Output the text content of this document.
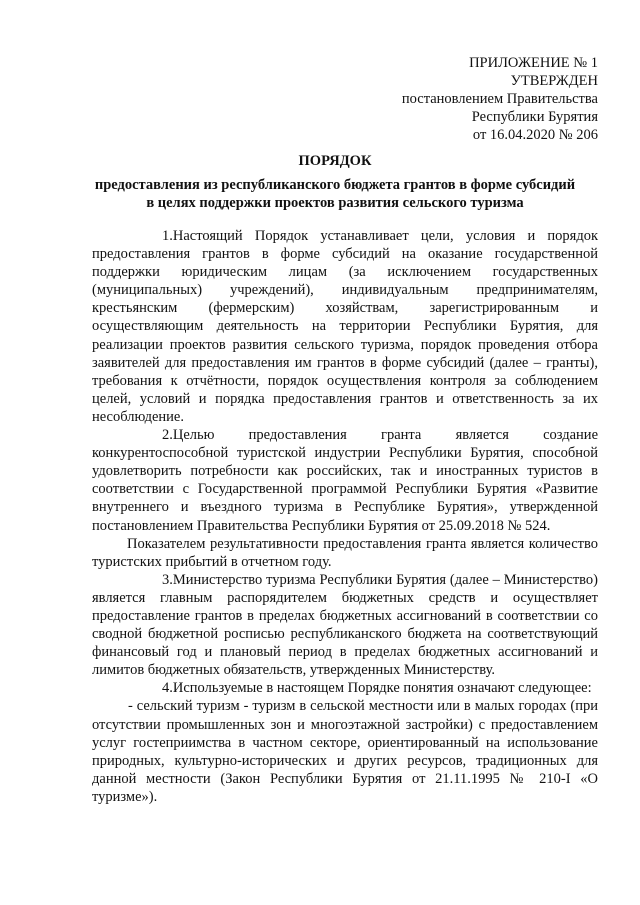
ПРИЛОЖЕНИЕ № 1
УТВЕРЖДЕН
постановлением Правительства
Республики Бурятия
от 16.04.2020 № 206
ПОРЯДОК
предоставления из республиканского бюджета грантов в форме субсидий
в целях поддержки проектов развития сельского туризма

1.Настоящий Порядок устанавливает цели, условия и порядок предоставления грантов в форме субсидий на оказание государственной поддержки юридическим лицам (за исключением государственных (муниципальных) учреждений), индивидуальным предпринимателям, крестьянским (фермерским) хозяйствам, зарегистрированным и осуществляющим деятельность на территории Республики Бурятия, для реализации проектов развития сельского туризма, порядок проведения отбора заявителей для предоставления им грантов в форме субсидий (далее – гранты), требования к отчётности, порядок осуществления контроля за соблюдением целей, условий и порядка предоставления грантов и ответственность за их несоблюдение.

2.Целью предоставления гранта является создание конкурентоспособной туристской индустрии Республики Бурятия, способной удовлетворить потребности как российских, так и иностранных туристов в соответствии с Государственной программой Республики Бурятия «Развитие внутреннего и въездного туризма в Республике Бурятия», утвержденной постановлением Правительства Республики Бурятия от 25.09.2018 № 524.

Показателем результативности предоставления гранта является количество туристских прибытий в отчетном году.

3.Министерство туризма Республики Бурятия (далее – Министерство) является главным распорядителем бюджетных средств и осуществляет предоставление грантов в пределах бюджетных ассигнований в соответствии со сводной бюджетной росписью республиканского бюджета на соответствующий финансовый год и плановый период в пределах бюджетных ассигнований и лимитов бюджетных обязательств, утвержденных Министерству.

4.Используемые в настоящем Порядке понятия означают следующее:

- сельский туризм - туризм в сельской местности или в малых городах (при отсутствии промышленных зон и многоэтажной застройки) с предоставлением услуг гостеприимства в частном секторе, ориентированный на использование природных, культурно-исторических и других ресурсов, традиционных для данной местности (Закон Республики Бурятия от 21.11.1995 № 210-I «О туризме»).
